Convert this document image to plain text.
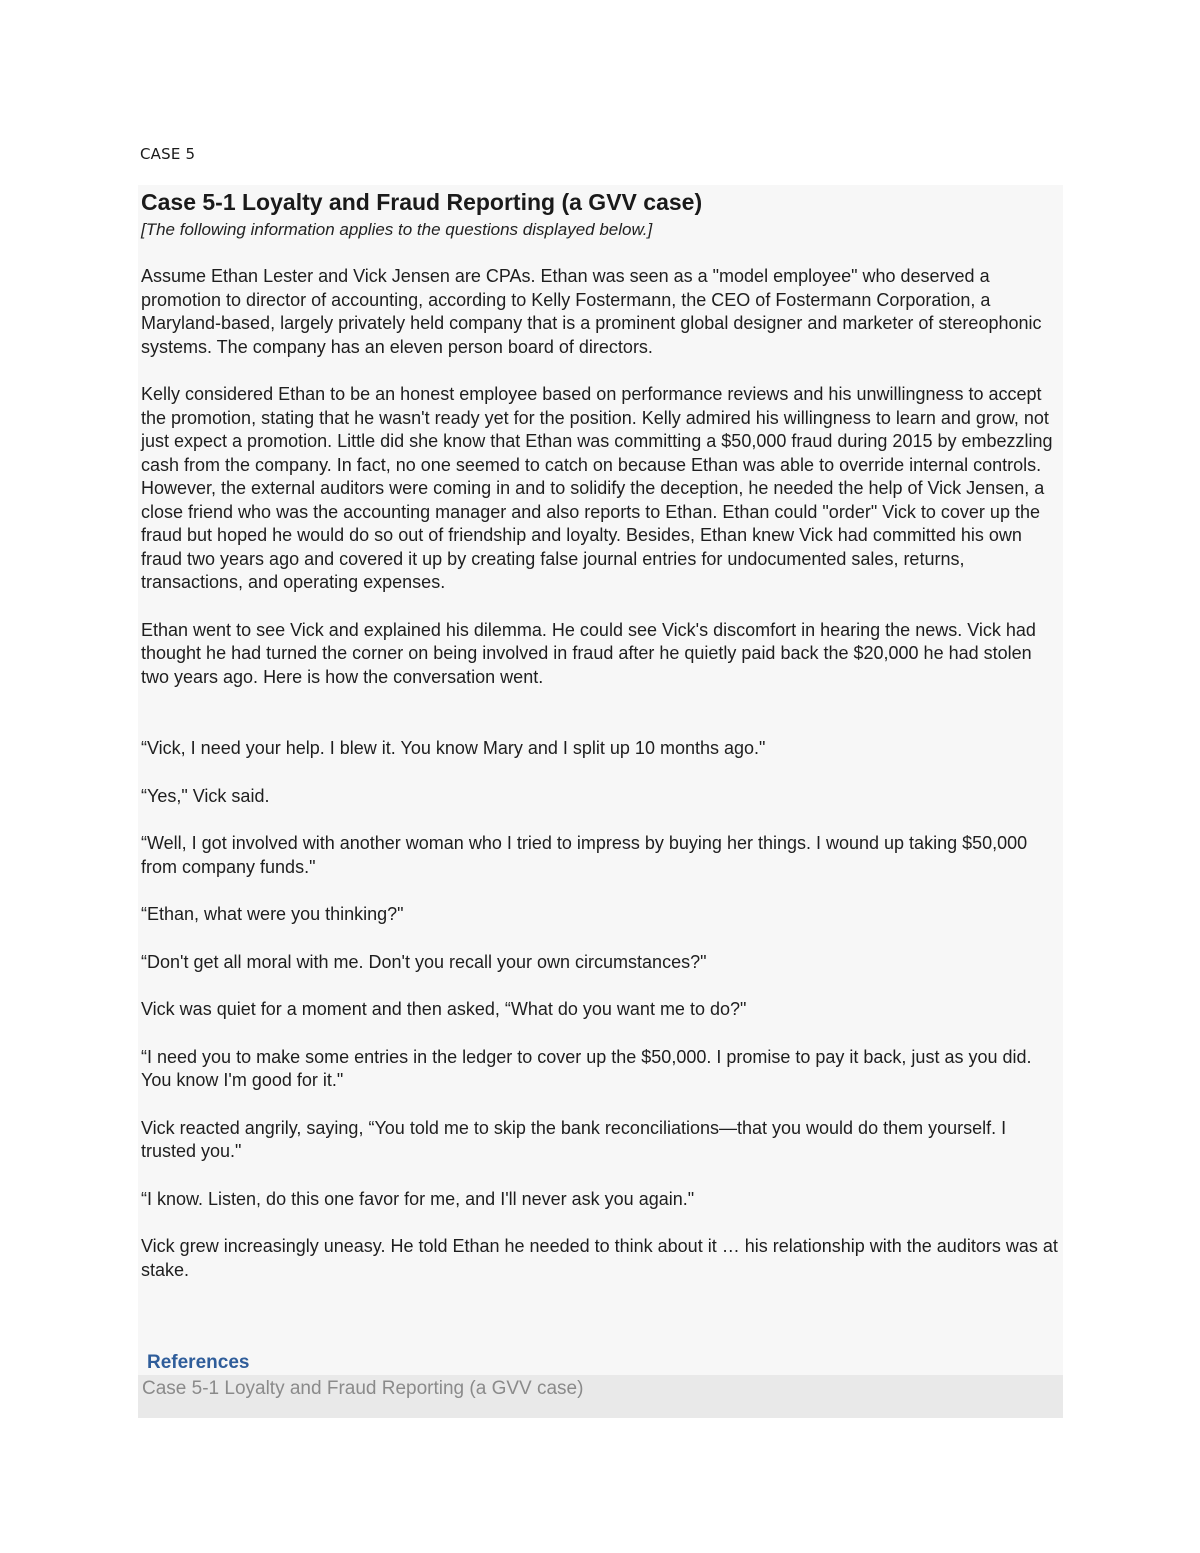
CASE 5

Case 5-1 Loyalty and Fraud Reporting (a GVV case)

[The following information applies to the questions displayed below.]

Assume Ethan Lester and Vick Jensen are CPAs. Ethan was seen as a "model employee" who deserved a promotion to director of accounting, according to Kelly Fostermann, the CEO of Fostermann Corporation, a Maryland-based, largely privately held company that is a prominent global designer and marketer of stereophonic systems. The company has an eleven person board of directors.

Kelly considered Ethan to be an honest employee based on performance reviews and his unwillingness to accept the promotion, stating that he wasn't ready yet for the position. Kelly admired his willingness to learn and grow, not just expect a promotion. Little did she know that Ethan was committing a $50,000 fraud during 2015 by embezzling cash from the company. In fact, no one seemed to catch on because Ethan was able to override internal controls. However, the external auditors were coming in and to solidify the deception, he needed the help of Vick Jensen, a close friend who was the accounting manager and also reports to Ethan. Ethan could "order" Vick to cover up the fraud but hoped he would do so out of friendship and loyalty. Besides, Ethan knew Vick had committed his own fraud two years ago and covered it up by creating false journal entries for undocumented sales, returns, transactions, and operating expenses.

Ethan went to see Vick and explained his dilemma. He could see Vick's discomfort in hearing the news. Vick had thought he had turned the corner on being involved in fraud after he quietly paid back the $20,000 he had stolen two years ago. Here is how the conversation went.

“Vick, I need your help. I blew it. You know Mary and I split up 10 months ago."

“Yes," Vick said.

“Well, I got involved with another woman who I tried to impress by buying her things. I wound up taking $50,000 from company funds."

“Ethan, what were you thinking?"

“Don't get all moral with me. Don't you recall your own circumstances?"

Vick was quiet for a moment and then asked, “What do you want me to do?"

“I need you to make some entries in the ledger to cover up the $50,000. I promise to pay it back, just as you did. You know I'm good for it."

Vick reacted angrily, saying, “You told me to skip the bank reconciliations—that you would do them yourself. I trusted you."

“I know. Listen, do this one favor for me, and I'll never ask you again."

Vick grew increasingly uneasy. He told Ethan he needed to think about it … his relationship with the auditors was at stake.

References

Case 5-1 Loyalty and Fraud Reporting (a GVV case)
